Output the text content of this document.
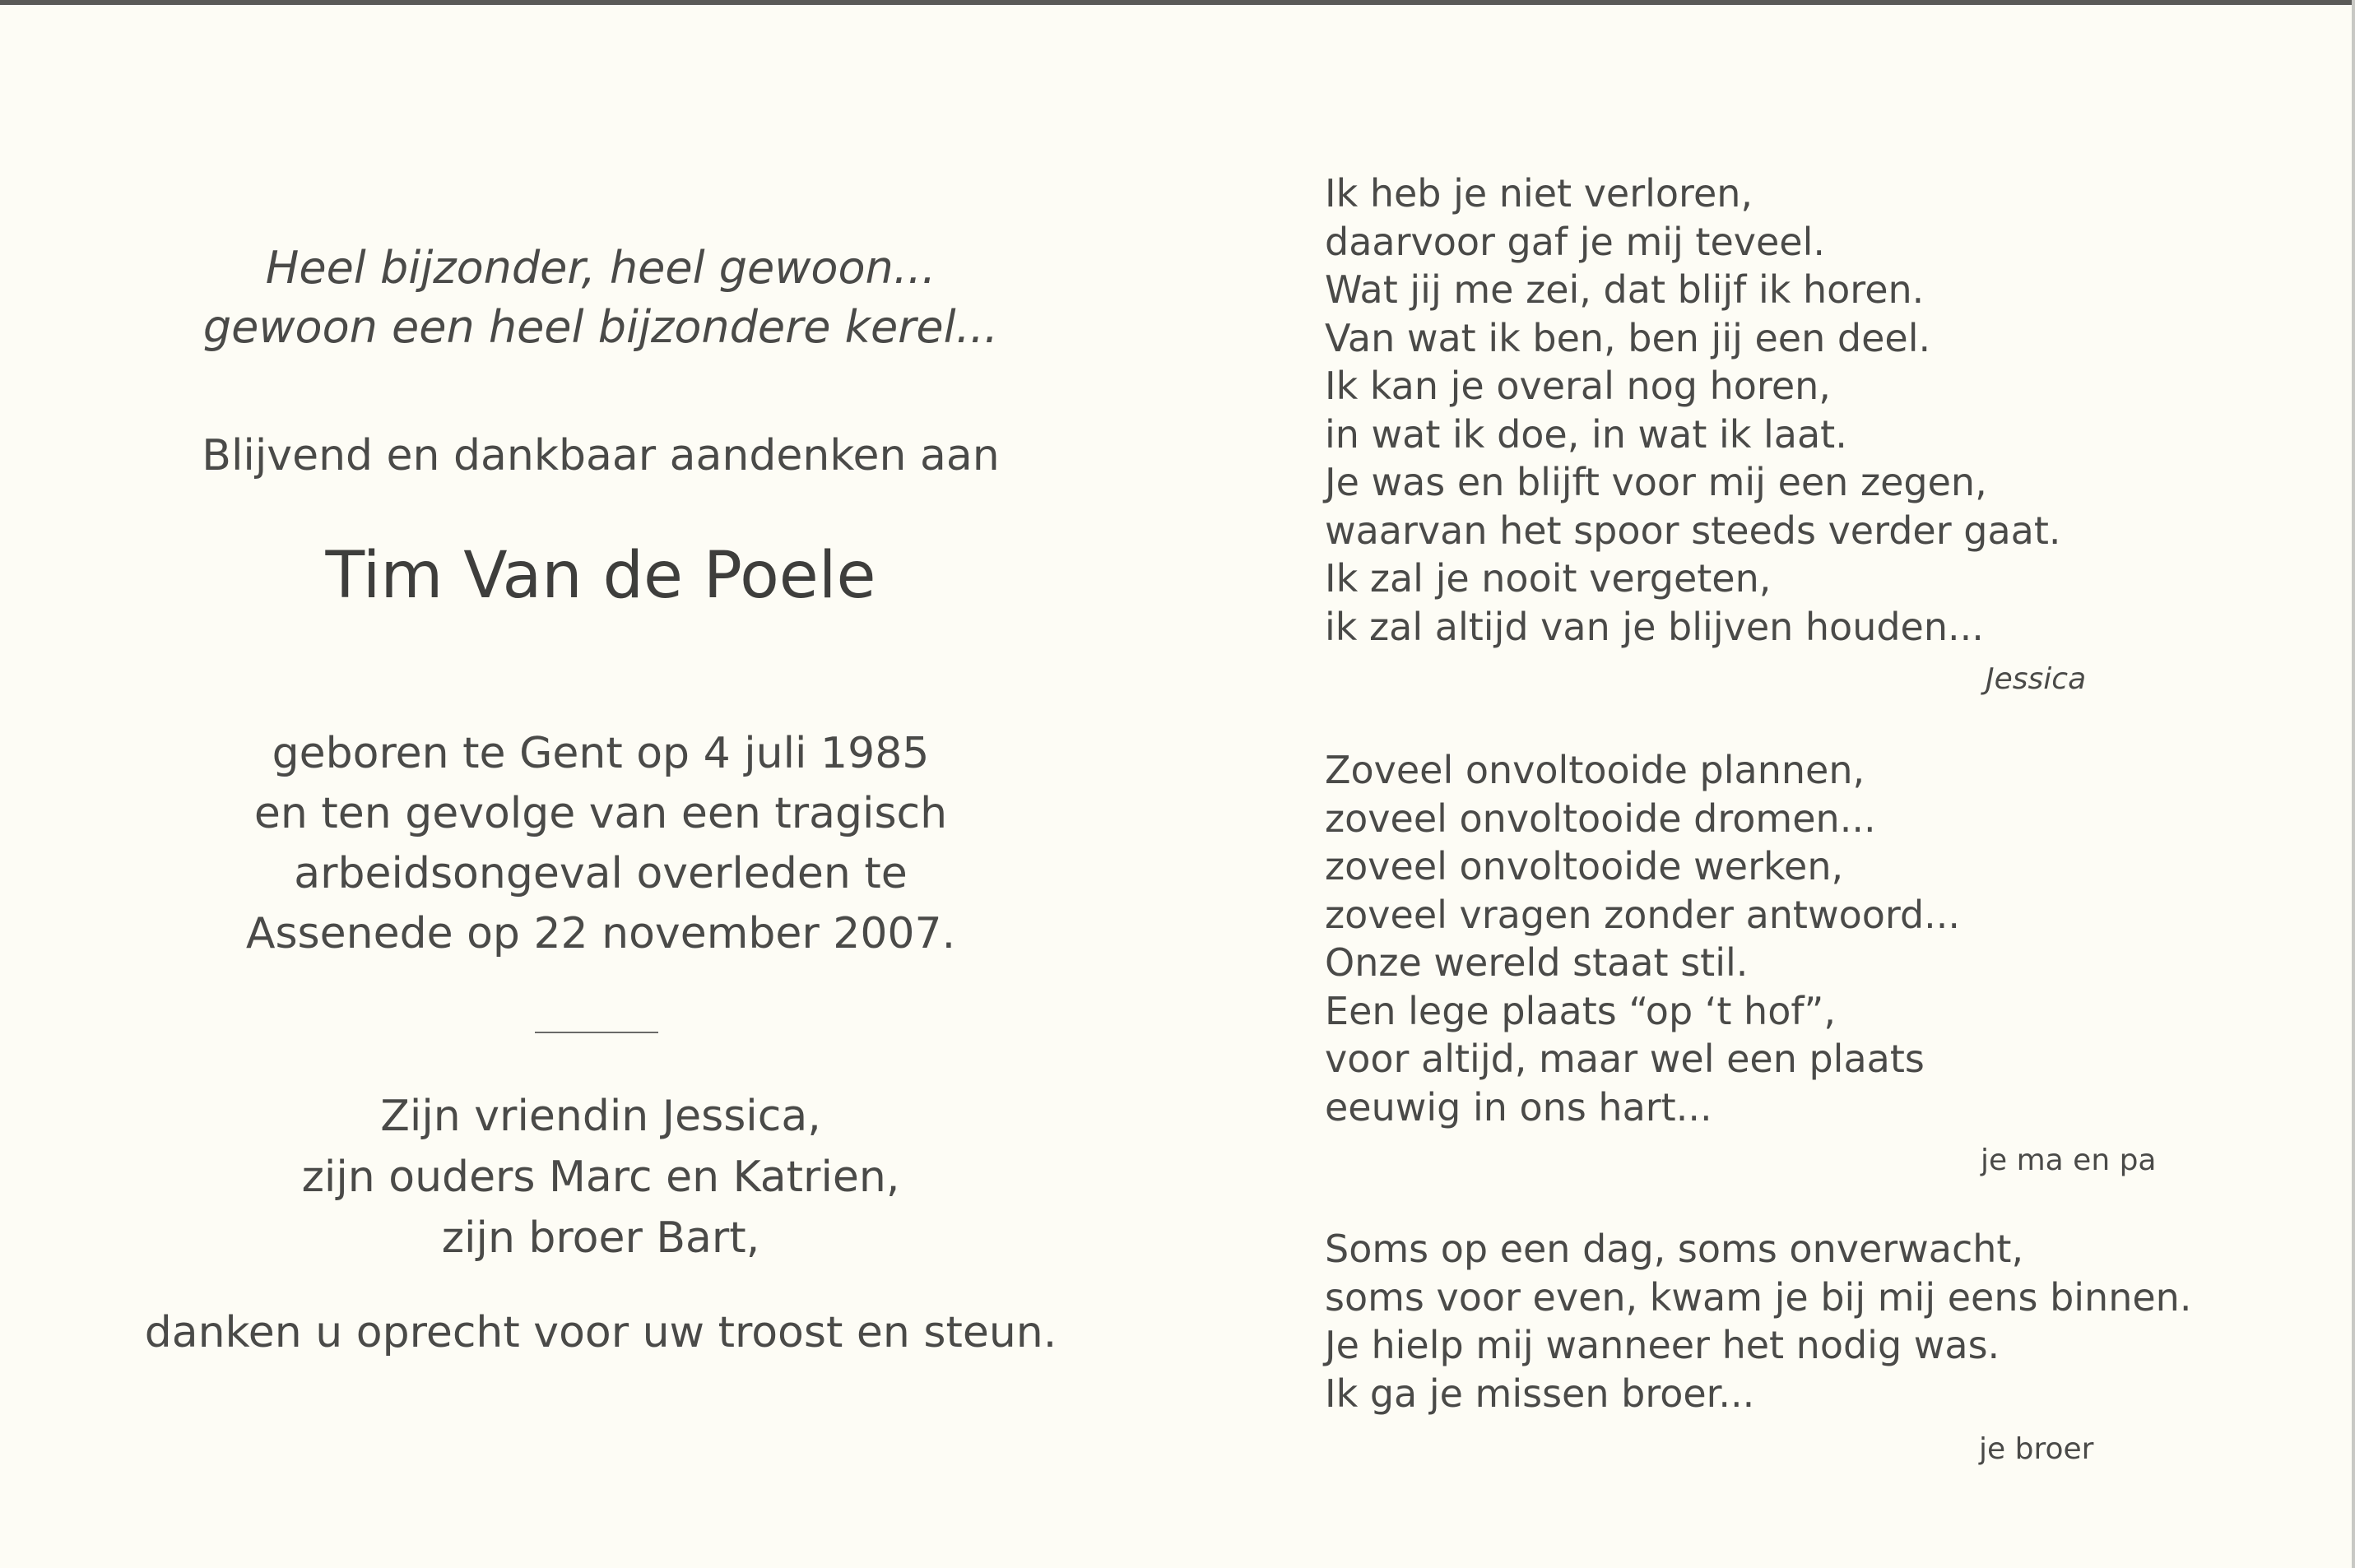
Heel bijzonder, heel gewoon...
gewoon een heel bijzondere kerel...
Blijvend en dankbaar aandenken aan
Tim Van de Poele
geboren te Gent op 4 juli 1985
en ten gevolge van een tragisch
arbeidsongeval overleden te
Assenede op 22 november 2007.
Zijn vriendin Jessica,
zijn ouders Marc en Katrien,
zijn broer Bart,
danken u oprecht voor uw troost en steun.
Ik heb je niet verloren,
daarvoor gaf je mij teveel.
Wat jij me zei, dat blijf ik horen.
Van wat ik ben, ben jij een deel.
Ik kan je overal nog horen,
in wat ik doe, in wat ik laat.
Je was en blijft voor mij een zegen,
waarvan het spoor steeds verder gaat.
Ik zal je nooit vergeten,
ik zal altijd van je blijven houden...
Jessica
Zoveel onvoltooide plannen,
zoveel onvoltooide dromen...
zoveel onvoltooide werken,
zoveel vragen zonder antwoord...
Onze wereld staat stil.
Een lege plaats “op ‘t hof”,
voor altijd, maar wel een plaats
eeuwig in ons hart...
je ma en pa
Soms op een dag, soms onverwacht,
soms voor even, kwam je bij mij eens binnen.
Je hielp mij wanneer het nodig was.
Ik ga je missen broer...
je broer
